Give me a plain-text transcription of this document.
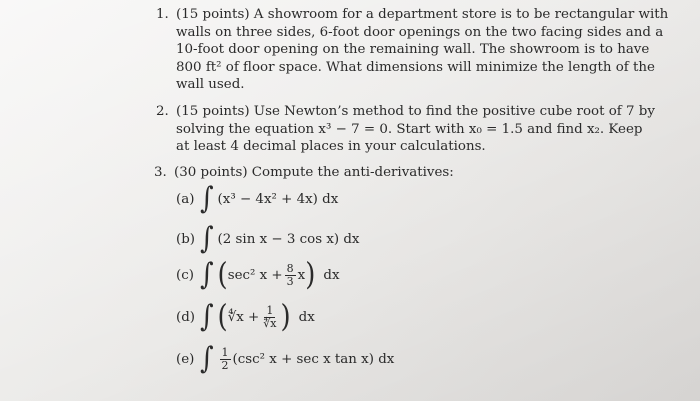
1. (15 points) A showroom for a department store is to be rectangular with
walls on three sides, 6-foot door openings on the two facing sides and a
10-foot door opening on the remaining wall. The showroom is to have
800 ft² of floor space. What dimensions will minimize the length of the
wall used.
2. (15 points) Use Newton’s method to find the positive cube root of 7 by
solving the equation x³ − 7 = 0. Start with x₀ = 1.5 and find x₂. Keep
at least 4 decimal places in your calculations.
3. (30 points) Compute the anti-derivatives:
(a) ∫ (x³ − 4x² + 4x) dx
(b) ∫ (2 sin x − 3 cos x) dx
(c) ∫ ( sec² $x + \frac{8}{3}$ x ) dx
(d) ∫ ( ∜x + $\frac{1}{∜x}$ ) dx
(e) ∫ $\frac{1}{2} (\csc^2$ x + sec x tan x) dx
